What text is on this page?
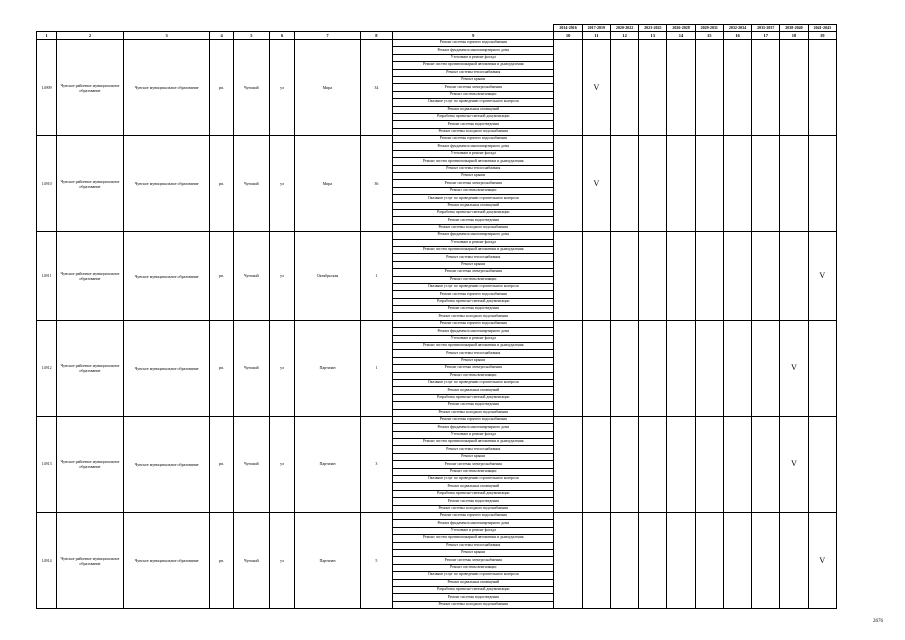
									2014-2016	2017-2019	2020-2022	2023-2025	2026-2028	2029-2031	2032-2034	2035-2037	2038-2040	2041-2043
1	2	3	4	5	6	7	8	9	10	11	12	13	14	15	16	17	18	19
14909	Чунское районное муниципальное образование	Чунское муниципальное образование	рп.	Чунский	ул	Мира	34	Ремонт системы горячего водоснабжения		V								
								Ремонт фундамента многоквартирного дома										
								Утепление и ремонт фасада										
								Ремонт систем противопожарной автоматики и дымоудаления										
								Ремонт системы теплоснабжения										
								Ремонт крыши										
								Ремонт системы электроснабжения										
								Ремонт системы вентиляции										
								Оказание услуг по проведению строительного контроля										
								Ремонт подвальных помещений										
								Разработка проектно-сметной документации										
								Ремонт системы водоотведения										
								Ремонт системы холодного водоснабжения										
14910	Чунское районное муниципальное образование	Чунское муниципальное образование	рп.	Чунский	ул	Мира	36	Ремонт системы горячего водоснабжения		V								
								Ремонт фундамента многоквартирного дома										
								Утепление и ремонт фасада										
								Ремонт систем противопожарной автоматики и дымоудаления										
								Ремонт системы теплоснабжения										
								Ремонт крыши										
								Ремонт системы электроснабжения										
								Ремонт системы вентиляции										
								Оказание услуг по проведению строительного контроля										
								Ремонт подвальных помещений										
								Разработка проектно-сметной документации										
								Ремонт системы водоотведения										
								Ремонт системы холодного водоснабжения										
14911	Чунское районное муниципальное образование	Чунское муниципальное образование	рп.	Чунский	ул	Октябрьская	1	Ремонт фундамента многоквартирного дома										V
								Утепление и ремонт фасада										
								Ремонт систем противопожарной автоматики и дымоудаления										
								Ремонт системы теплоснабжения										
								Ремонт крыши										
								Ремонт системы электроснабжения										
								Ремонт системы вентиляции										
								Оказание услуг по проведению строительного контроля										
								Ремонт системы горячего водоснабжения										
								Разработка проектно-сметной документации										
								Ремонт системы водоотведения										
								Ремонт системы холодного водоснабжения										
14912	Чунское районное муниципальное образование	Чунское муниципальное образование	рп.	Чунский	ул	Партизан	1	Ремонт системы горячего водоснабжения									V	
								Ремонт фундамента многоквартирного дома										
								Утепление и ремонт фасада										
								Ремонт систем противопожарной автоматики и дымоудаления										
								Ремонт системы теплоснабжения										
								Ремонт крыши										
								Ремонт системы электроснабжения										
								Ремонт системы вентиляции										
								Оказание услуг по проведению строительного контроля										
								Ремонт подвальных помещений										
								Разработка проектно-сметной документации										
								Ремонт системы водоотведения										
								Ремонт системы холодного водоснабжения										
14913	Чунское районное муниципальное образование	Чунское муниципальное образование	рп.	Чунский	ул	Партизан	3	Ремонт системы горячего водоснабжения									V	
								Ремонт фундамента многоквартирного дома										
								Утепление и ремонт фасада										
								Ремонт систем противопожарной автоматики и дымоудаления										
								Ремонт системы теплоснабжения										
								Ремонт крыши										
								Ремонт системы электроснабжения										
								Ремонт системы вентиляции										
								Оказание услуг по проведению строительного контроля										
								Ремонт подвальных помещений										
								Разработка проектно-сметной документации										
								Ремонт системы водоотведения										
								Ремонт системы холодного водоснабжения										
14914	Чунское районное муниципальное образование	Чунское муниципальное образование	рп.	Чунский	ул	Партизан	5	Ремонт системы горячего водоснабжения										V
								Ремонт фундамента многоквартирного дома										
								Утепление и ремонт фасада										
								Ремонт систем противопожарной автоматики и дымоудаления										
								Ремонт системы теплоснабжения										
								Ремонт крыши										
								Ремонт системы электроснабжения										
								Ремонт системы вентиляции										
								Оказание услуг по проведению строительного контроля										
								Ремонт подвальных помещений										
								Разработка проектно-сметной документации										
								Ремонт системы водоотведения										
								Ремонт системы холодного водоснабжения										
2676
